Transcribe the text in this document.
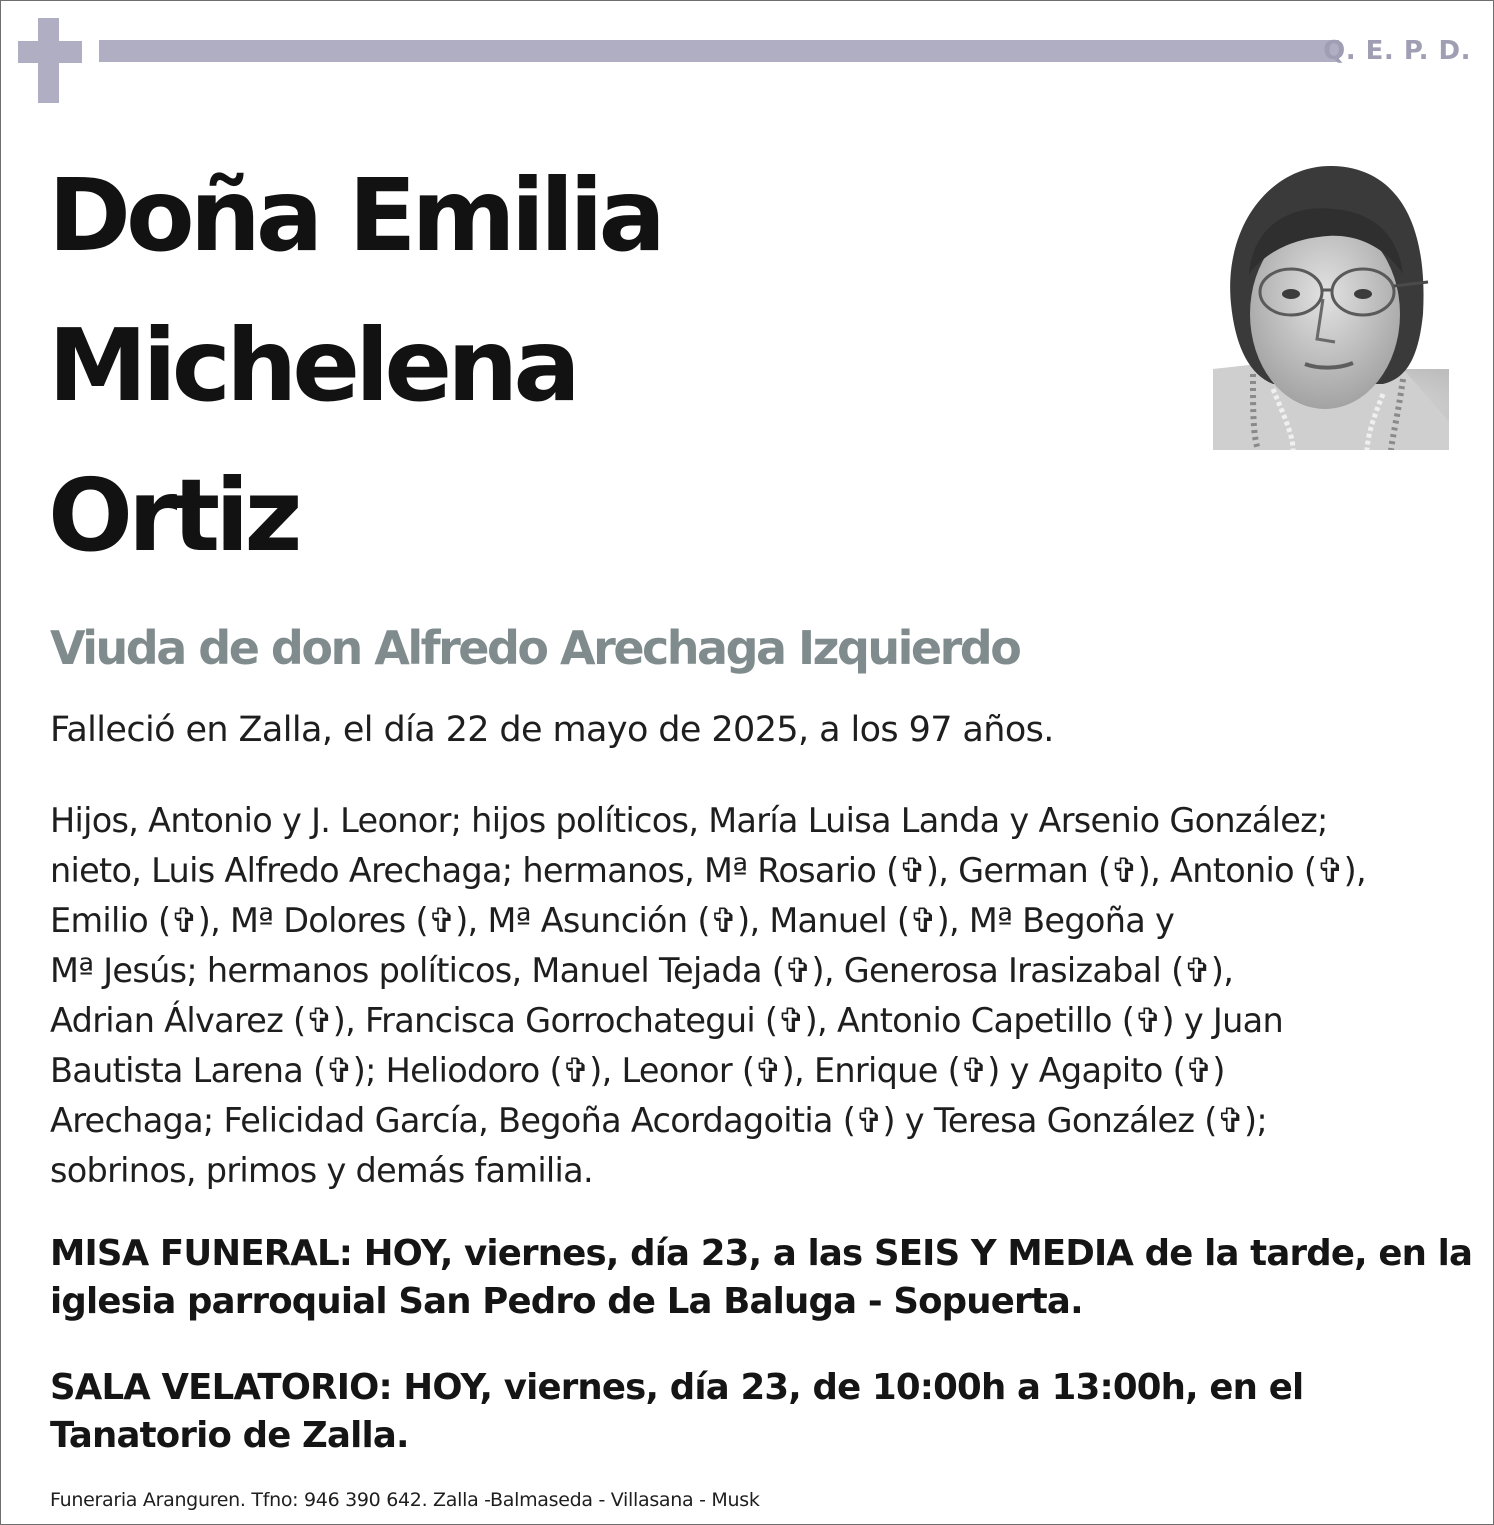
Q. E. P. D.
Doña Emilia
Michelena
Ortiz
Viuda de don Alfredo Arechaga Izquierdo
Falleció en Zalla, el día 22 de mayo de 2025, a los 97 años.
Hijos, Antonio y J. Leonor; hijos políticos, María Luisa Landa y Arsenio González;
nieto, Luis Alfredo Arechaga; hermanos, Mª Rosario (✞), German (✞), Antonio (✞),
Emilio (✞), Mª Dolores (✞), Mª Asunción (✞), Manuel (✞), Mª Begoña y
Mª Jesús; hermanos políticos, Manuel Tejada (✞), Generosa Irasizabal (✞),
Adrian Álvarez (✞), Francisca Gorrochategui (✞), Antonio Capetillo (✞) y Juan
Bautista Larena (✞); Heliodoro (✞), Leonor (✞), Enrique (✞) y Agapito (✞)
Arechaga; Felicidad García, Begoña Acordagoitia (✞) y Teresa González (✞);
sobrinos, primos y demás familia.
MISA FUNERAL: HOY, viernes, día 23, a las SEIS Y MEDIA de la tarde, en la
iglesia parroquial San Pedro de La Baluga - Sopuerta.
SALA VELATORIO: HOY, viernes, día 23, de 10:00h a 13:00h, en el
Tanatorio de Zalla.
Funeraria Aranguren. Tfno: 946 390 642. Zalla -Balmaseda - Villasana - Musk
